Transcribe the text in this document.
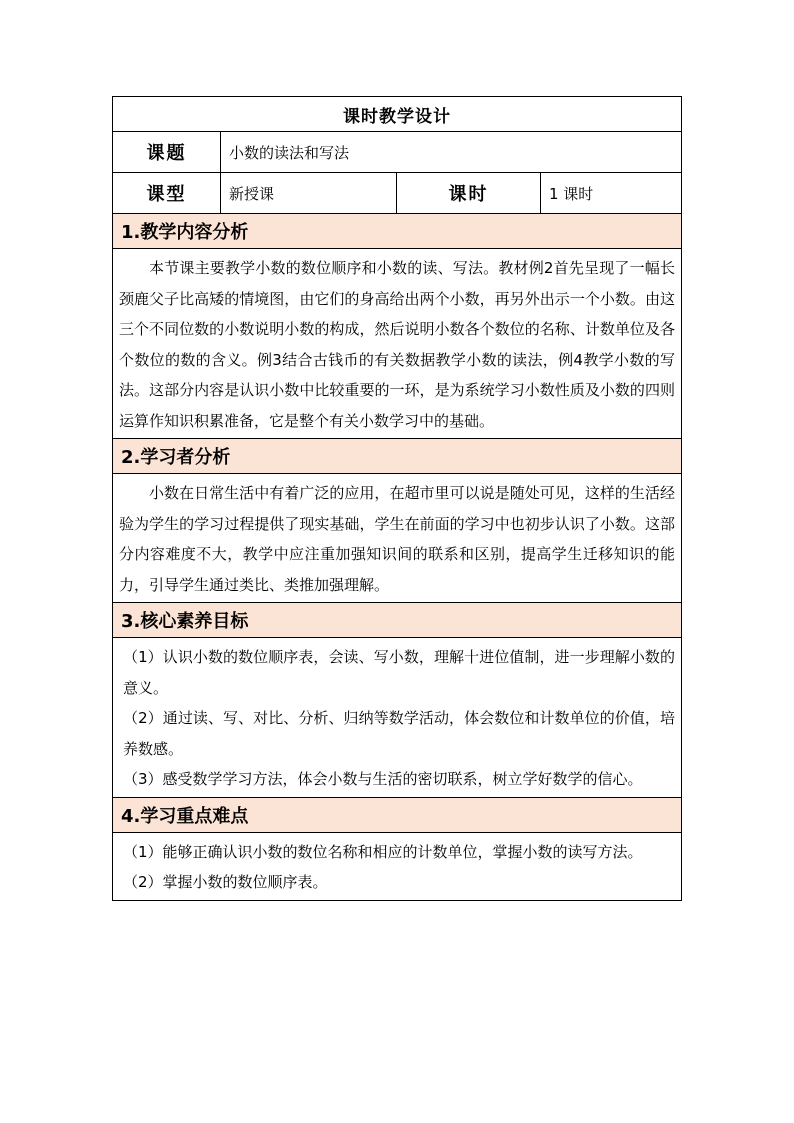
课时教学设计			
课题	小数的读法和写法		
课型	新授课	课时	1 课时
1.教学内容分析			

本节课主要教学小数的数位顺序和小数的读、写法。教材例2首先呈现了一幅长颈鹿父子比高矮的情境图，由它们的身高给出两个小数，再另外出示一个小数。由这三个不同位数的小数说明小数的构成，然后说明小数各个数位的名称、计数单位及各个数位的数的含义。例3结合古钱币的有关数据教学小数的读法，例4教学小数的写法。这部分内容是认识小数中比较重要的一环，是为系统学习小数性质及小数的四则运算作知识积累准备，它是整个有关小数学习中的基础。			

2.学习者分析			

小数在日常生活中有着广泛的应用，在超市里可以说是随处可见，这样的生活经验为学生的学习过程提供了现实基础，学生在前面的学习中也初步认识了小数。这部分内容难度不大，教学中应注重加强知识间的联系和区别，提高学生迁移知识的能力，引导学生通过类比、类推加强理解。			

3.核心素养目标			

（1）认识小数的数位顺序表，会读、写小数，理解十进位值制，进一步理解小数的意义。

（2）通过读、写、对比、分析、归纳等数学活动，体会数位和计数单位的价值，培养数感。

（3）感受数学学习方法，体会小数与生活的密切联系，树立学好数学的信心。			

4.学习重点难点			

（1）能够正确认识小数的数位名称和相应的计数单位，掌握小数的读写方法。

（2）掌握小数的数位顺序表。			
